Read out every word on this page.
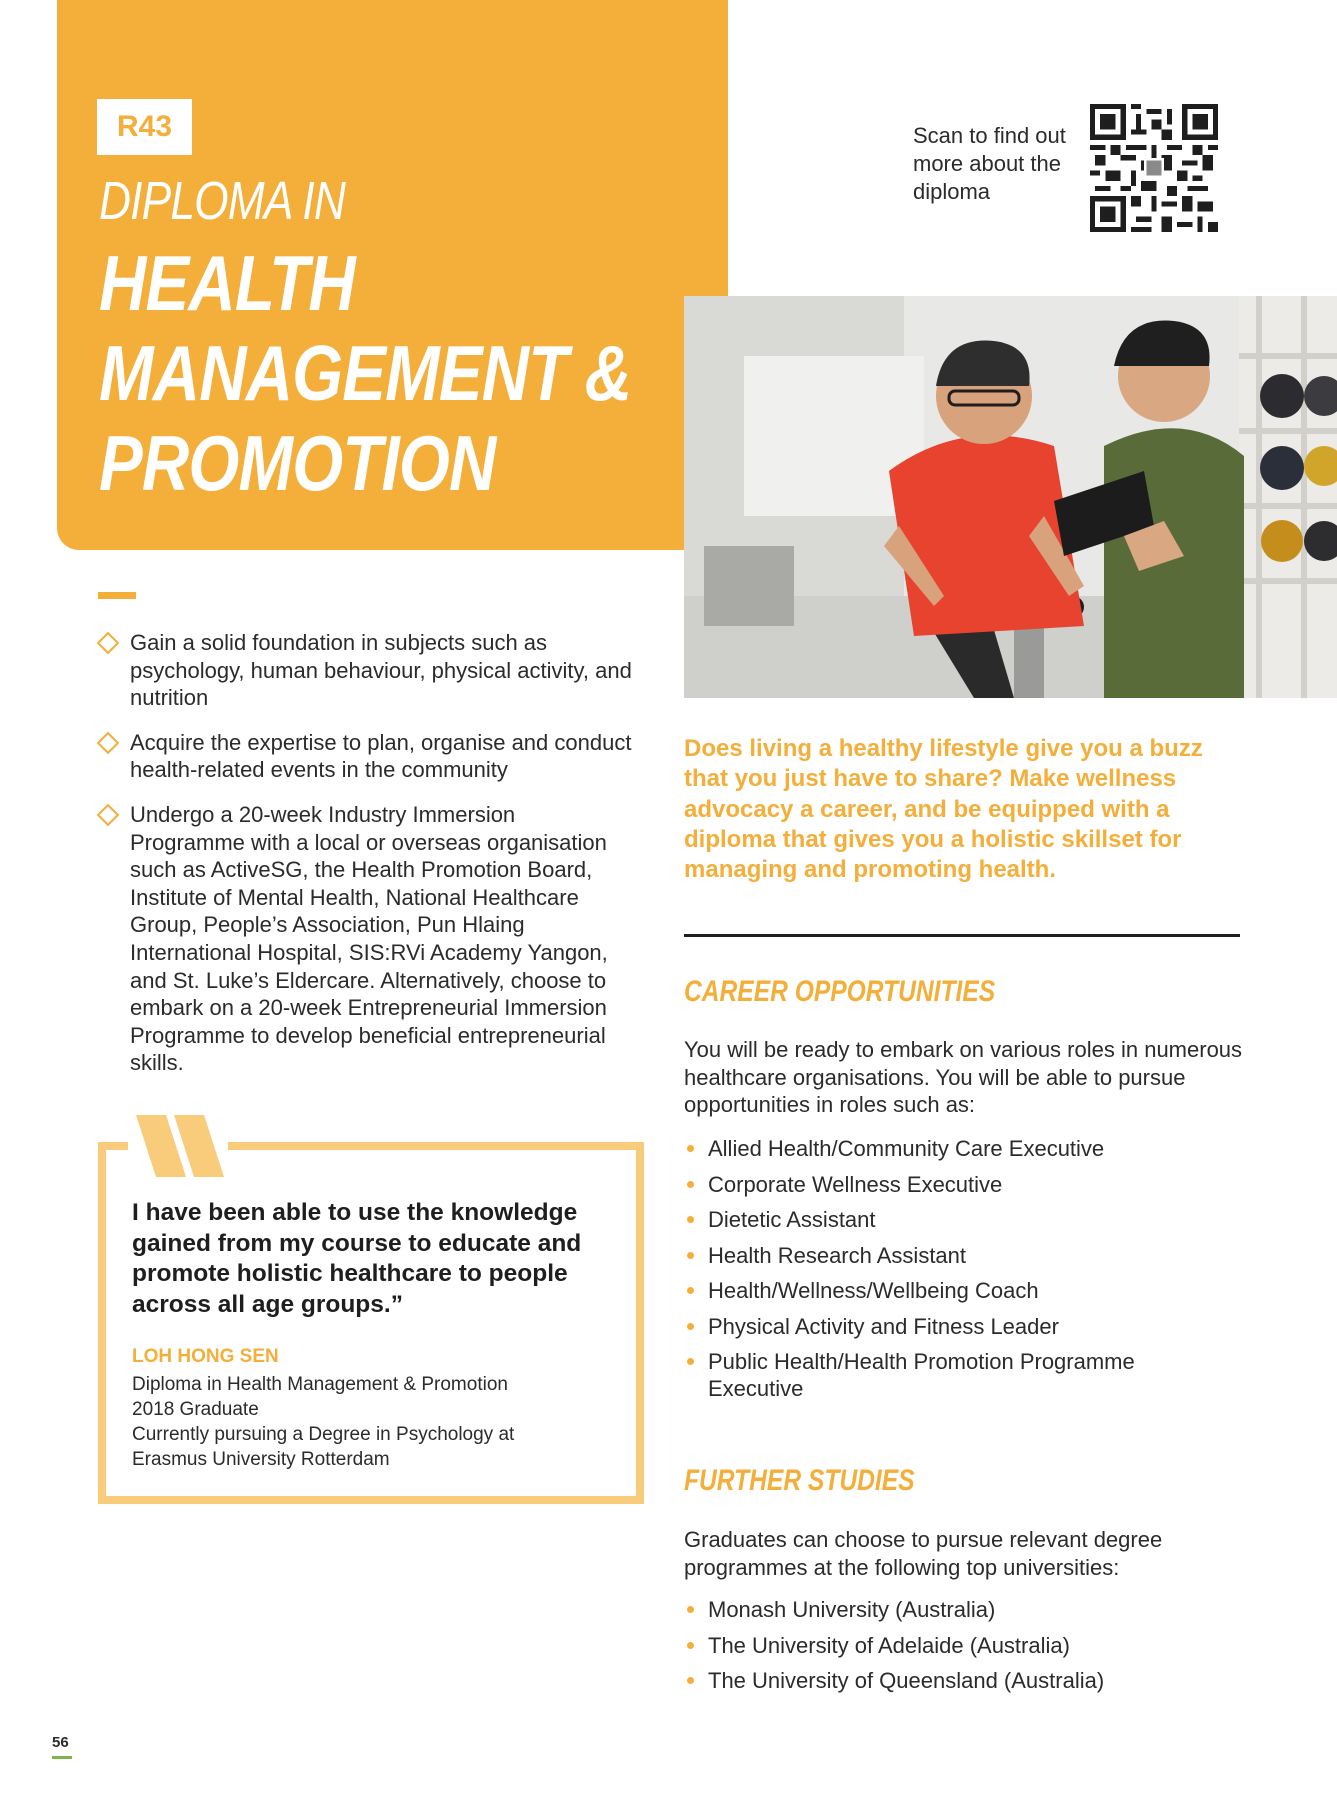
R43
DIPLOMA IN
HEALTH
MANAGEMENT &
PROMOTION
Scan to find out more about the diploma
Gain a solid foundation in subjects such as psychology, human behaviour, physical activity, and nutrition
Acquire the expertise to plan, organise and conduct health-related events in the community
Undergo a 20-week Industry Immersion Programme with a local or overseas organisation such as ActiveSG, the Health Promotion Board, Institute of Mental Health, National Healthcare Group, People’s Association, Pun Hlaing International Hospital, SIS:RVi Academy Yangon, and St. Luke’s Eldercare. Alternatively, choose to embark on a 20-week Entrepreneurial Immersion Programme to develop beneficial entrepreneurial skills.
I have been able to use the knowledge gained from my course to educate and promote holistic healthcare to people across all age groups.”
LOH HONG SEN
Diploma in Health Management & Promotion
2018 Graduate
Currently pursuing a Degree in Psychology at
Erasmus University Rotterdam
Does living a healthy lifestyle give you a buzz that you just have to share? Make wellness advocacy a career, and be equipped with a diploma that gives you a holistic skillset for managing and promoting health.
CAREER OPPORTUNITIES
You will be ready to embark on various roles in numerous healthcare organisations. You will be able to pursue opportunities in roles such as:
Allied Health/Community Care Executive
Corporate Wellness Executive
Dietetic Assistant
Health Research Assistant
Health/Wellness/Wellbeing Coach
Physical Activity and Fitness Leader
Public Health/Health Promotion Programme Executive
FURTHER STUDIES
Graduates can choose to pursue relevant degree programmes at the following top universities:
Monash University (Australia)
The University of Adelaide (Australia)
The University of Queensland (Australia)
56
